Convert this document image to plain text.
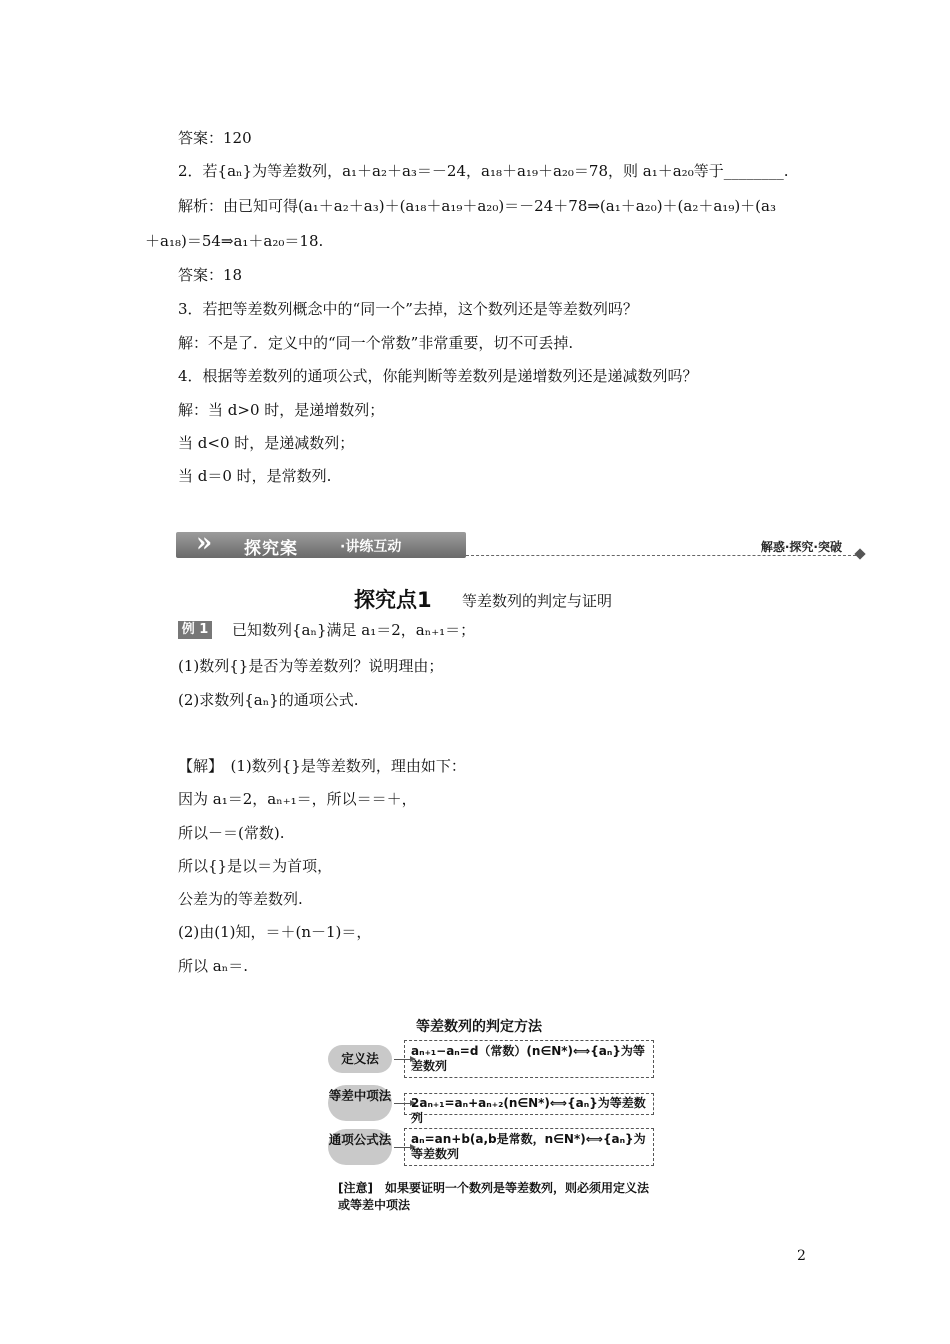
答案：120
2．若{aₙ}为等差数列，a₁＋a₂＋a₃＝－24，a₁₈＋a₁₉＋a₂₀＝78，则 a₁＋a₂₀等于________.
解析：由已知可得(a₁＋a₂＋a₃)＋(a₁₈＋a₁₉＋a₂₀)＝－24＋78⇒(a₁＋a₂₀)＋(a₂＋a₁₉)＋(a₃
＋a₁₈)＝54⇒a₁＋a₂₀＝18.
答案：18
3．若把等差数列概念中的“同一个”去掉，这个数列还是等差数列吗？
解：不是了．定义中的“同一个常数”非常重要，切不可丢掉.
4．根据等差数列的通项公式，你能判断等差数列是递增数列还是递减数列吗？
解：当 d>0 时，是递增数列；
当 d<0 时，是递减数列；
当 d＝0 时，是常数列.
» 探究案	·讲练互动	解惑·探究·突破
探究点1 等差数列的判定与证明
例 1 已知数列{aₙ}满足 a₁＝2，aₙ₊₁＝；
(1)数列{}是否为等差数列？说明理由；
(2)求数列{aₙ}的通项公式.
【解】　(1)数列{}是等差数列，理由如下：
因为 a₁＝2，aₙ₊₁＝，所以＝＝＋，
所以－＝(常数).
所以{}是以＝为首项，
公差为的等差数列.
(2)由(1)知，＝＋(n－1)＝，
所以 aₙ＝.
等差数列的判定方法
定义法	aₙ₊₁−aₙ=d（常数）(n∈N*)⟺{aₙ}为等差数列
等差中项法	2aₙ₊₁=aₙ+aₙ₊₂(n∈N*)⟺{aₙ}为等差数列
通项公式法	aₙ=an+b(a,b是常数，n∈N*)⟺{aₙ}为等差数列
[注意]　如果要证明一个数列是等差数列，则必须用定义法或等差中项法
2
